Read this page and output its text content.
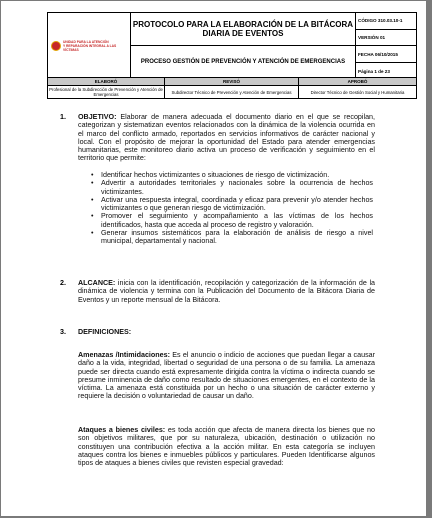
UNIDAD PARA LA ATENCIÓN
Y REPARACIÓN INTEGRAL A LAS VÍCTIMAS	PROTOCOLO PARA LA ELABORACIÓN DE LA BITÁCORA DIARIA DE EVENTOS	CÓDIGO 310.03.10-1
		VERSIÓN 01
	PROCESO GESTIÓN DE PREVENCIÓN Y ATENCIÓN DE EMERGENCIAS	FECHA 06/10/2015
		Página 1 de 23
ELABORÓ	REVISÓ	APROBÓ
Profesional de la Subdirección de Prevención y Atención de Emergencias	Subdirector Técnico de Prevención y Atención de Emergencias	Director Técnico de Gestión Social y Humanitaria
1. OBJETIVO: Elaborar de manera adecuada el documento diario en el que se recopilan, categorizan y sistematizan eventos relacionados con la dinámica de la violencia ocurrida en el marco del conflicto armado, reportados en servicios informativos de carácter nacional y local. Con el propósito de mejorar la oportunidad del Estado para atender emergencias humanitarias, este monitoreo diario activa un proceso de verificación y seguimiento en el territorio que permite:
• Identificar hechos victimizantes o situaciones de riesgo de victimización.
• Advertir a autoridades territoriales y nacionales sobre la ocurrencia de hechos victimizantes.
• Activar una respuesta integral, coordinada y eficaz para prevenir y/o atender hechos victimizantes o que generan riesgo de victimización.
• Promover el seguimiento y acompañamiento a las víctimas de los hechos identificados, hasta que acceda al proceso de registro y valoración.
• Generar insumos sistemáticos para la elaboración de análisis de riesgo a nivel municipal, departamental y nacional.
2. ALCANCE: inicia con la identificación, recopilación y categorización de la información de la dinámica de violencia y termina con la Publicación del Documento de la Bitácora Diaria de Eventos y un reporte mensual de la Bitácora.
3. DEFINICIONES:
Amenazas /Intimidaciones: Es el anuncio o indicio de acciones que puedan llegar a causar daño a la vida, integridad, libertad o seguridad de una persona o de su familia. La amenaza puede ser directa cuando está expresamente dirigida contra la víctima o indirecta cuando se presume inminencia de daño como resultado de situaciones emergentes, en el contexto de la víctima. La amenaza está constituida por un hecho o una situación de carácter externo y requiere la decisión o voluntariedad de causar un daño.
Ataques a bienes civiles: es toda acción que afecta de manera directa los bienes que no son objetivos militares, que por su naturaleza, ubicación, destinación o utilización no constituyen una contribución efectiva a la acción militar. En esta categoría se incluyen ataques contra los bienes e inmuebles públicos y particulares. Pueden Identificarse algunos tipos de ataques a bienes civiles que revisten especial gravedad:
